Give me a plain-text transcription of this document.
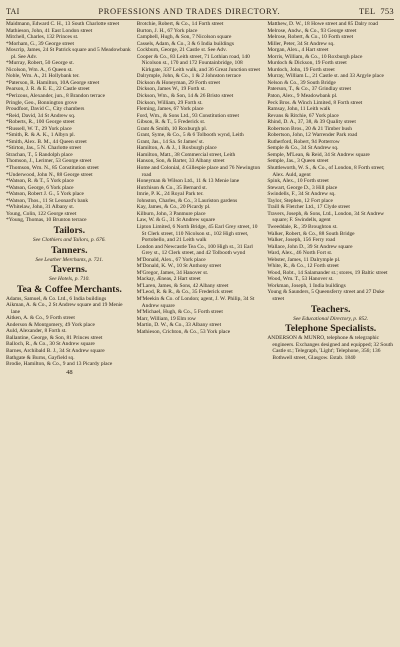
TAI	PROFESSIONS AND TRADES DIRECTORY.	TEL 753
Maidmann, Edward C. H., 13 South Charlotte street
Mathieson, John, 41 East London street
Mitchell, Charles, 132 Princes st.
*Morham, G., 39 George street
Moscrip, James, 24 St Patrick square and 5 Meadowbank pl. See Adv.
*Murray, Robert, 50 George st.
Nicolson, Wm. A., 6 Queen st.
Noble, Wm. A., 21 Hollybank ter.
*Paterson, R. Hamilton, 10A George street
Pearson, J. R. & E. E., 22 Castle street
*Perizous, Alexander, jun., 8 Brandon terrace
Pringle, Geo., Bonnington grove
Proudfoot, David C., City chambers
*Reid, David, 34 St Andrew sq.
*Roberts, R., 100 George street
*Russell, W. T., 29 York place
*Smith, R. & A. K., 1 Albyn pl.
*Smith, Alex. B. M., 44 Queen street
*Stirton, Jas., 5 N. Charlotte street
Strachan, T., 5 Randolph place
Thomson, J., Lerimer, 53 George street
*Thomson, Wm. N., 85 Constitution street
*Underwood, John N., 88 George street
*Watson, R. & T., 5 York place
*Watson, George, 6 York place
*Watson, Robert J. G., 5 York place
*Watson, Thos., 11 St Leonard's bank
*Whitelaw, John, 31 Albany st.
Young, Colin, 122 George street
*Young, Thomas, 10 Brunton terrace
Tailors.
See Clothiers and Tailors, p. 676.
Tanners.
See Leather Merchants, p. 721.
Taverns.
See Hotels, p. 710.
Tea & Coffee Merchants.
Adams, Samuel, & Co. Ltd., 6 India buildings
Aikman, A. & Co., 2 St Andrew square and 19 Menie lane
Aitken, A. & Co., 9 Forth street
Anderson & Montgomery, 49 York place
Auld, Alexander, 8 Forth st.
Ballantine, George, & Son, 81 Princes street
Balloch, R., & Co., 30 St Andrew square
Barnes, Archibald B. J., 34 St Andrew square
Bathgate & Burns, Gayfield sq.
Brodie, Hamilton, & Co., 9 and 13 Picardy place
48
Brotchie, Robert, & Co., 14 Forth street
Burton, J. H., 67 York place
Campbell, Hugh, & Son, 7 Nicolson square
Cassels, Adam, & Co., 3 & 6 India buildings
Cockburn, George, 21 Castle st. See Adv.
Cooper & Co., 83 Leith street, 71 Lothian road, 140 Nicolson st., 170 and 172 Fountainbridge, 108 Kirkgate, 337 Leith walk, and 36 Great Junction street
Dalrymple, John, & Co., 1 & 2 Johnston terrace
Dickson & Honeyman, 29 Forth street
Dickson, James W., 19 Forth st.
Dickson, Wm., & Son, 14 & 26 Bristo street
Dickson, William, 29 Forth st.
Fleming, James, 67 York place
Ford, Wm., & Sons Ltd., 93 Constitution street
Gibson, R. & T., 5 Frederick st.
Grant & Smith, 10 Roxburgh pl.
Grant, Syme, & Co., 5 & 6 Tolbooth wynd, Leith
Grant, Jas., 14 Sa. St James' st.
Hamilton, A. & J., 1 Roxburgh place
Hamilton, Matt., 38 Commercial street, Leith
Hanson, Son, & Barter, 33 Albany street
Home and Colonial, 4 Gillespie place and 76 Newington road
Honeyman & Wilson Ltd., 11 & 13 Menie lane
Hutchison & Co., 35 Bernard st.
Imrie, P. K., 24 Royal Park ter.
Johnston, Charles, & Co., 3 Lauriston gardens
Kay, James, & Co., 20 Picardy pl.
Kilburn, John, 3 Panmure place
Law, W. & G., 31 St Andrew square
Lipton Limited, 6 North Bridge, 45 Earl Grey street, 10 St Clerk street, 110 Nicolson st., 102 High street, Portobello, and 21 Leith walk
London and Newcastle Tea Co., 100 High st., 31 Earl Grey st., 12 Clerk street, and 42 Tolbooth wynd
M'Donald, Alex., 67 York place
M'Donald, K. W., 10 St Anthony street
M'Gregor, James, 34 Hanover st.
Mackay, Æneas, 2 Hart street
M'Laren, James, & Sons, 42 Albany street
M'Leod, R. & R., & Co., 35 Frederick street
M'Meekin & Co. of London; agent, J. W. Philip, 34 St Andrew square
M'Michael, Hugh, & Co., 5 Forth street
Marr, William, 19 Elm row
Martin, D. W., & Co., 33 Albany street
Mathieson, Crichton, & Co., 53 York place
Matthew, D. W., 18 Howe street and 85 Dalry road
Melrose, Andw., & Co., 93 George street
Melrose, Robert, & Co., 10 Forth street
Miller, Peter, 34 St Andrew sq.
Morgan, Alex., 4 Hart street
Morris, William, & Co., 10 Roxburgh place
Murdoch & Dickson, 19 Forth street
Murdoch, John, 19 Forth street
Murray, William L., 21 Castle st. and 33 Argyle place
Nelson & Co., 39 South Bridge
Paterson, T., & Co., 37 Grindlay street
Paton, Alex., 9 Meadowbank pl.
Peck Bros. & Winch Limited, 8 Forth street
Ramsay, John, 11 Leith walk
Revans & Ritchie, 67 York place
Rhind, D. A., 37, 38, & 39 Quality street
Robertson Bros., 20 & 21 Timber bush
Robertson, John, 12 Warrender Park road
Rutherford, Robert, 94 Potterrow
Semple & Co., 34 St Andrew sq.
Semple, M'Lean, & Reid, 34 St Andrew square
Semple, Jas., 3 Queen street
Shuttleworth, W. S., & Co., of London, 8 Forth street; Alex. Auld, agent
Spink, Alex., 10 Forth street
Stewart, George D., 3 Hill place
Swindells, F., 34 St Andrew sq.
Taylor, Stephen, 12 Fort place
Traill & Fletcher Ltd., 17 Clyde street
Travers, Joseph, & Sons, Ltd., London, 34 St Andrew square; F. Swindells, agent
Tweeddale, R., 39 Broughton st.
Walker, Robert, & Co., 88 South Bridge
Walker, Joseph, 156 Ferry road
Wallace, John D., 39 St Andrew square
Ward, Alex., 46 North Fort st.
Webster, James, 11 Dalrymple pl.
White, R., & Co., 12 Forth street
Wood, Robt., 14 Salamander st.; stores, 19 Baltic street
Wood, Wm. T., 53 Hanover st.
Workman, Joseph, 1 India buildings
Young & Saunders, 5 Queensferry street and 27 Duke street
Teachers.
See Educational Directory, p. 852.
Telephone Specialists.
ANDERSON & MUNRO, telephone & telegraphic engineers. Exchanges designed and equipped; 32 South Castle st.; Telegraph, 'Light'; Telephone, 356; 136 Bothwell street, Glasgow. Estab. 1840
